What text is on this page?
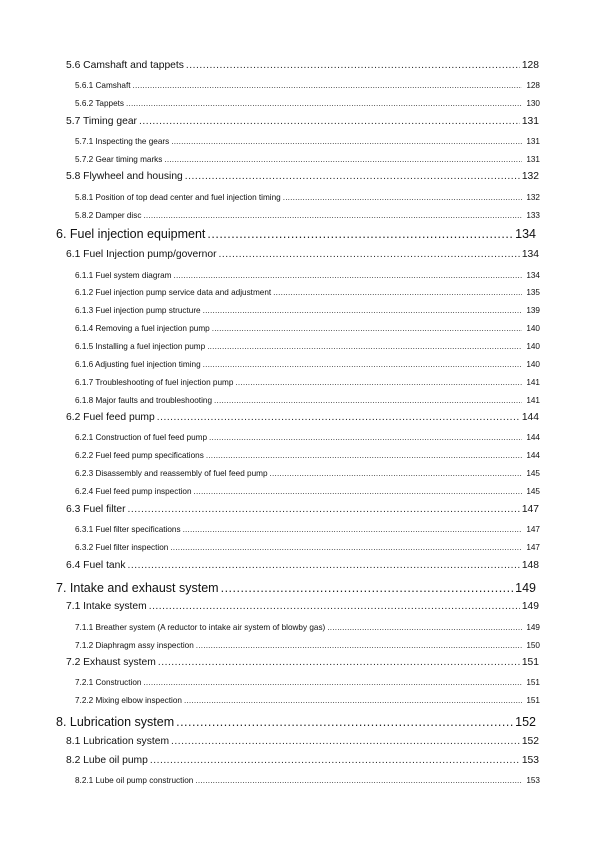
5.6 Camshaft and tappets .....	128
5.6.1 Camshaft .....	128
5.6.2 Tappets .....	130
5.7 Timing gear .....	131
5.7.1 Inspecting the gears .....	131
5.7.2 Gear timing marks .....	131
5.8 Flywheel and housing .....	132
5.8.1 Position of top dead center and fuel injection timing .....	132
5.8.2 Damper disc .....	133
6. Fuel injection equipment .....	134
6.1 Fuel Injection pump/governor .....	134
6.1.1 Fuel system diagram .....	134
6.1.2 Fuel injection pump service data and adjustment .....	135
6.1.3 Fuel injection pump structure .....	139
6.1.4 Removing a fuel injection pump .....	140
6.1.5 Installing a fuel injection pump .....	140
6.1.6 Adjusting fuel injection timing .....	140
6.1.7 Troubleshooting of fuel injection pump .....	141
6.1.8 Major faults and troubleshooting .....	141
6.2 Fuel feed pump .....	144
6.2.1 Construction of fuel feed pump .....	144
6.2.2 Fuel feed pump specifications .....	144
6.2.3 Disassembly and reassembly of fuel feed pump .....	145
6.2.4 Fuel feed pump inspection .....	145
6.3 Fuel filter .....	147
6.3.1 Fuel filter specifications .....	147
6.3.2 Fuel filter inspection .....	147
6.4 Fuel tank .....	148
7. Intake and exhaust system .....	149
7.1 Intake system .....	149
7.1.1 Breather system (A reductor to intake air system of blowby gas) .....	149
7.1.2 Diaphragm assy inspection .....	150
7.2 Exhaust system .....	151
7.2.1 Construction .....	151
7.2.2 Mixing elbow inspection .....	151
8. Lubrication system .....	152
8.1 Lubrication system .....	152
8.2 Lube oil pump .....	153
8.2.1 Lube oil pump construction .....	153
